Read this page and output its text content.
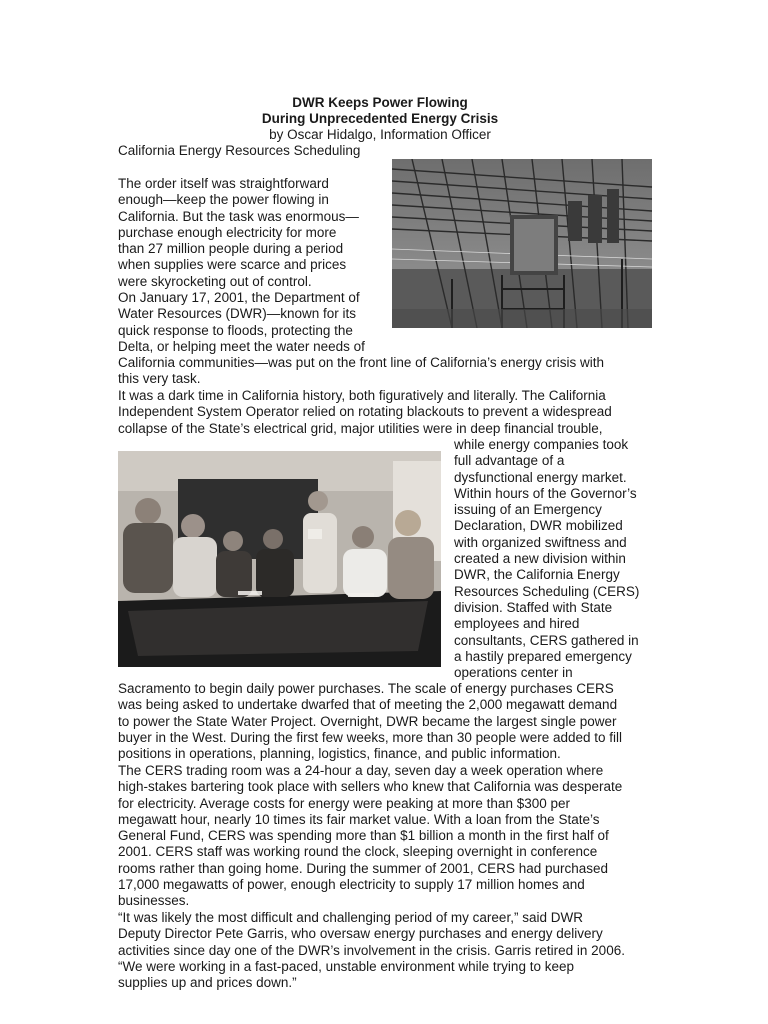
DWR Keeps Power Flowing
During Unprecedented Energy Crisis
by Oscar Hidalgo, Information Officer
California Energy Resources Scheduling
The order itself was straightforward
enough—keep the power flowing in
California. But the task was enormous—
purchase enough electricity for more
than 27 million people during a period
when supplies were scarce and prices
were skyrocketing out of control.
On January 17, 2001, the Department of
Water Resources (DWR)—known for its
quick response to floods, protecting the
Delta, or helping meet the water needs of
California communities—was put on the front line of California’s energy crisis with
this very task.
It was a dark time in California history, both figuratively and literally. The California
Independent System Operator relied on rotating blackouts to prevent a widespread
collapse of the State’s electrical grid, major utilities were in deep financial trouble,
while energy companies took
full advantage of a
dysfunctional energy market.
Within hours of the Governor’s
issuing of an Emergency
Declaration, DWR mobilized
with organized swiftness and
created a new division within
DWR, the California Energy
Resources Scheduling (CERS)
division. Staffed with State
employees and hired
consultants, CERS gathered in
a hastily prepared emergency
operations center in
Sacramento to begin daily power purchases. The scale of energy purchases CERS
was being asked to undertake dwarfed that of meeting the 2,000 megawatt demand
to power the State Water Project. Overnight, DWR became the largest single power
buyer in the West. During the first few weeks, more than 30 people were added to fill
positions in operations, planning, logistics, finance, and public information.
The CERS trading room was a 24-hour a day, seven day a week operation where
high-stakes bartering took place with sellers who knew that California was desperate
for electricity. Average costs for energy were peaking at more than $300 per
megawatt hour, nearly 10 times its fair market value. With a loan from the State’s
General Fund, CERS was spending more than $1 billion a month in the first half of
2001. CERS staff was working round the clock, sleeping overnight in conference
rooms rather than going home. During the summer of 2001, CERS had purchased
17,000 megawatts of power, enough electricity to supply 17 million homes and
businesses.
“It was likely the most difficult and challenging period of my career,” said DWR
Deputy Director Pete Garris, who oversaw energy purchases and energy delivery
activities since day one of the DWR’s involvement in the crisis. Garris retired in 2006.
“We were working in a fast-paced, unstable environment while trying to keep
supplies up and prices down.”
